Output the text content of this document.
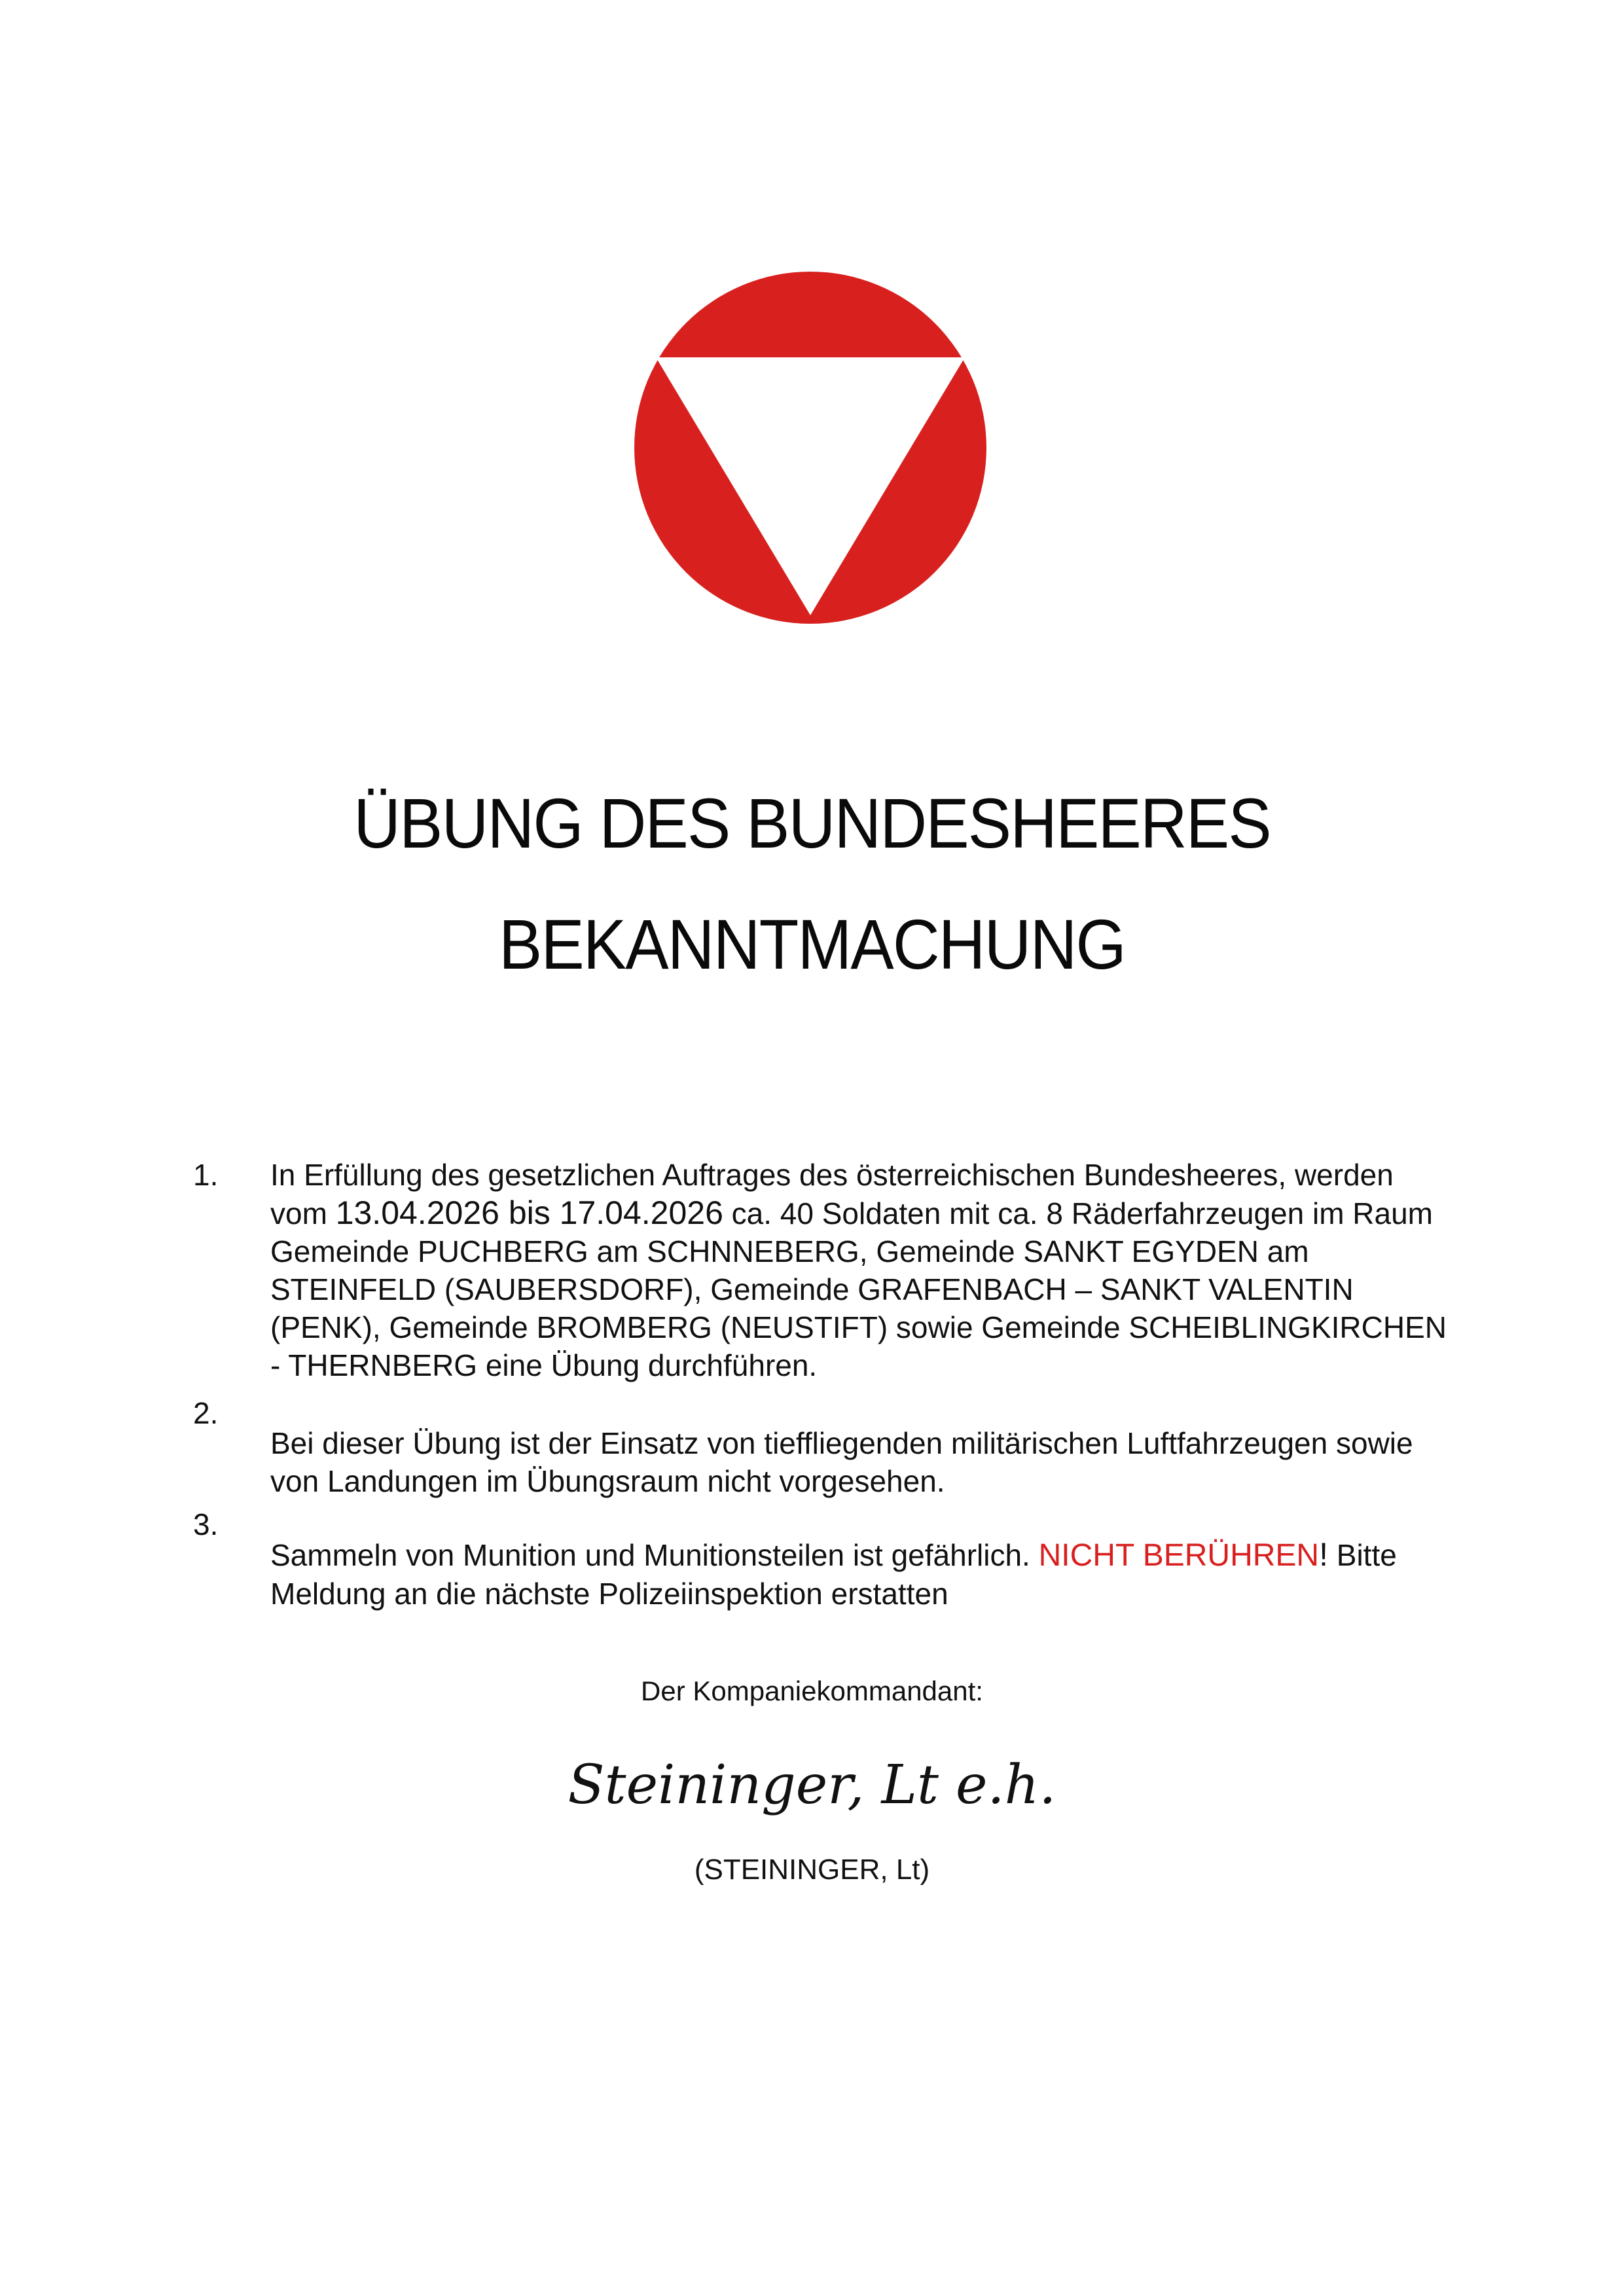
ÜBUNG DES BUNDESHEERES
BEKANNTMACHUNG
1. In Erfüllung des gesetzlichen Auftrages des österreichischen Bundesheeres, werden vom 13.04.2026 bis 17.04.2026 ca. 40 Soldaten mit ca. 8 Räderfahrzeugen im Raum Gemeinde PUCHBERG am SCHNNEBERG, Gemeinde SANKT EGYDEN am STEINFELD (SAUBERSDORF), Gemeinde GRAFENBACH – SANKT VALENTIN (PENK), Gemeinde BROMBERG (NEUSTIFT) sowie Gemeinde SCHEIBLINGKIRCHEN - THERNBERG eine Übung durchführen.

2.

Bei dieser Übung ist der Einsatz von tieffliegenden militärischen Luftfahrzeugen sowie von Landungen im Übungsraum nicht vorgesehen.

3.

Sammeln von Munition und Munitionsteilen ist gefährlich. NICHT BERÜHREN! Bitte Meldung an die nächste Polizeiinspektion erstatten

Der Kompaniekommandant:
Steininger, Lt e.h.
(STEININGER, Lt)
